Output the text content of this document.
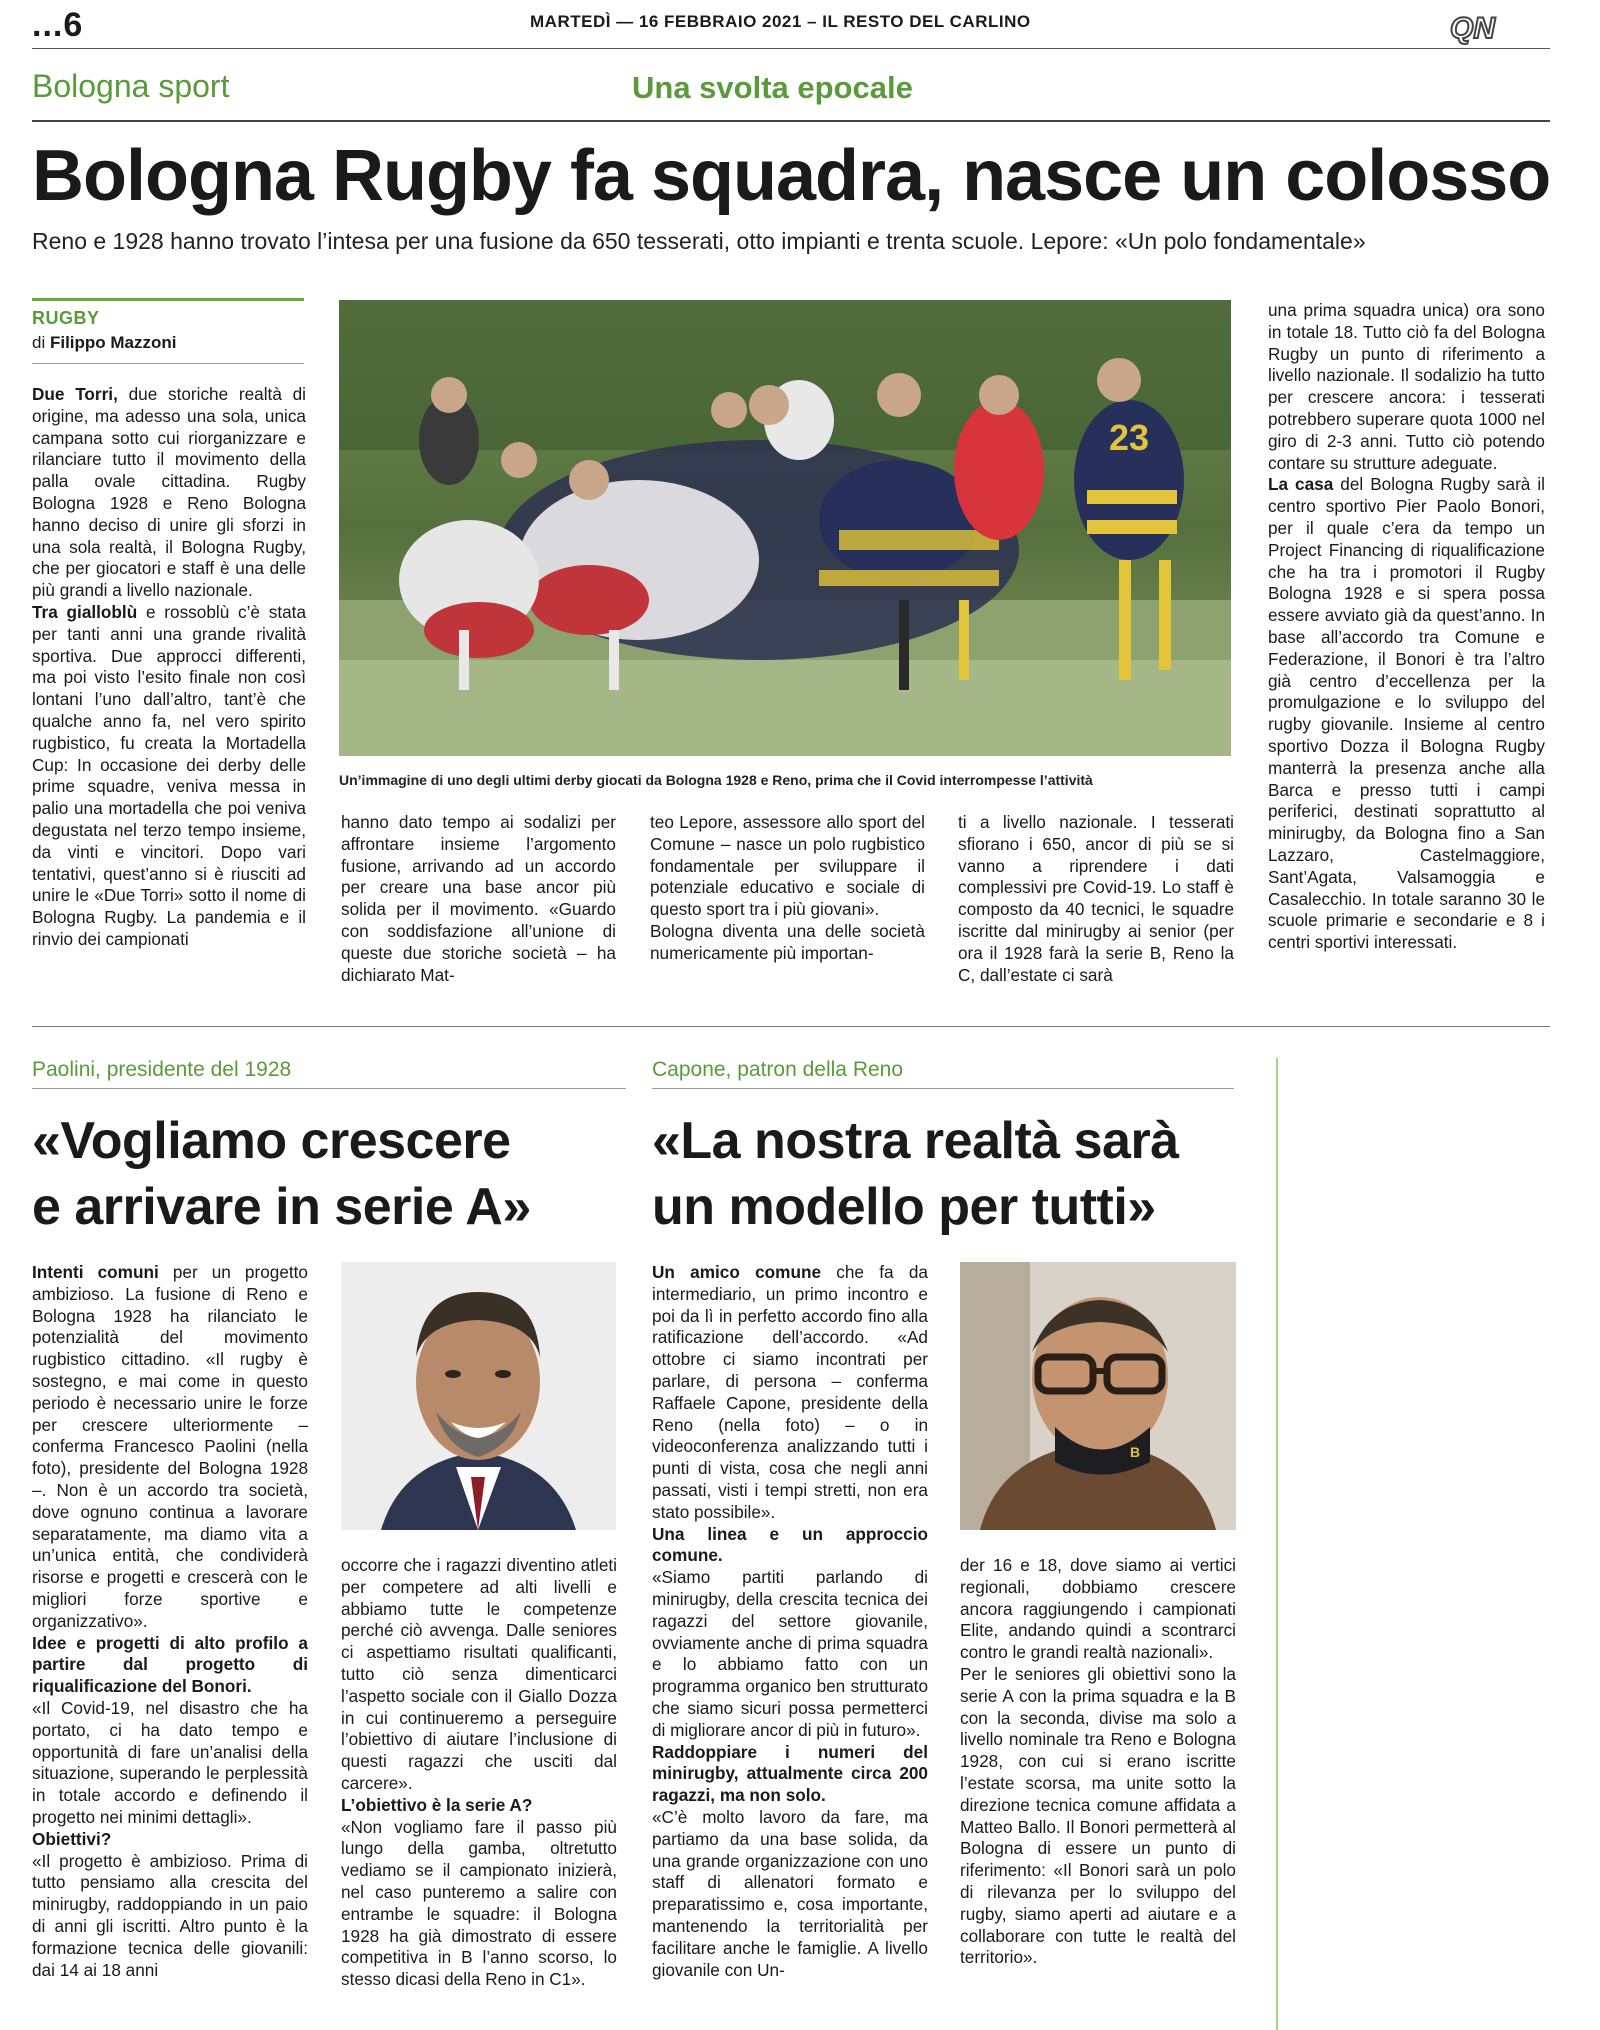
...6	MARTEDÌ — 16 FEBBRAIO 2021 – IL RESTO DEL CARLINO	QN
Bologna sport	Una svolta epocale
Bologna Rugby fa squadra, nasce un colosso
Reno e 1928 hanno trovato l’intesa per una fusione da 650 tesserati, otto impianti e trenta scuole. Lepore: «Un polo fondamentale»
RUGBY
di Filippo Mazzoni

Due Torri, due storiche realtà di origine, ma adesso una sola, unica campana sotto cui riorganizzare e rilanciare tutto il movimento della palla ovale cittadina. Rugby Bologna 1928 e Reno Bologna hanno deciso di unire gli sforzi in una sola realtà, il Bologna Rugby, che per giocatori e staff è una delle più grandi a livello nazionale.

Tra gialloblù e rossoblù c’è stata per tanti anni una grande rivalità sportiva. Due approcci differenti, ma poi visto l’esito finale non così lontani l’uno dall’altro, tant’è che qualche anno fa, nel vero spirito rugbistico, fu creata la Mortadella Cup: In occasione dei derby delle prime squadre, veniva messa in palio una mortadella che poi veniva degustata nel terzo tempo insieme, da vinti e vincitori. Dopo vari tentativi, quest’anno si è riusciti ad unire le «Due Torri» sotto il nome di Bologna Rugby. La pandemia e il rinvio dei campionati

23
Un’immagine di uno degli ultimi derby giocati da Bologna 1928 e Reno, prima che il Covid interrompesse l’attività

hanno dato tempo ai sodalizi per affrontare insieme l’argomento fusione, arrivando ad un accordo per creare una base ancor più solida per il movimento. «Guardo con soddisfazione all’unione di queste due storiche società – ha dichiarato Mat-

teo Lepore, assessore allo sport del Comune – nasce un polo rugbistico fondamentale per sviluppare il potenziale educativo e sociale di questo sport tra i più giovani».

Bologna diventa una delle società numericamente più importan-

ti a livello nazionale. I tesserati sfiorano i 650, ancor di più se si vanno a riprendere i dati complessivi pre Covid-19. Lo staff è composto da 40 tecnici, le squadre iscritte dal minirugby ai senior (per ora il 1928 farà la serie B, Reno la C, dall’estate ci sarà

una prima squadra unica) ora sono in totale 18. Tutto ciò fa del Bologna Rugby un punto di riferimento a livello nazionale. Il sodalizio ha tutto per crescere ancora: i tesserati potrebbero superare quota 1000 nel giro di 2-3 anni. Tutto ciò potendo contare su strutture adeguate.

La casa del Bologna Rugby sarà il centro sportivo Pier Paolo Bonori, per il quale c’era da tempo un Project Financing di riqualificazione che ha tra i promotori il Rugby Bologna 1928 e si spera possa essere avviato già da quest’anno. In base all’accordo tra Comune e Federazione, il Bonori è tra l’altro già centro d’eccellenza per la promulgazione e lo sviluppo del rugby giovanile. Insieme al centro sportivo Dozza il Bologna Rugby manterrà la presenza anche alla Barca e presso tutti i campi periferici, destinati soprattutto al minirugby, da Bologna fino a San Lazzaro, Castelmaggiore, Sant’Agata, Valsamoggia e Casalecchio. In totale saranno 30 le scuole primarie e secondarie e 8 i centri sportivi interessati.

Paolini, presidente del 1928
«Vogliamo crescere
e arrivare in serie A»

Intenti comuni per un progetto ambizioso. La fusione di Reno e Bologna 1928 ha rilanciato le potenzialità del movimento rugbistico cittadino. «Il rugby è sostegno, e mai come in questo periodo è necessario unire le forze per crescere ulteriormente –conferma Francesco Paolini (nella foto), presidente del Bologna 1928 –. Non è un accordo tra società, dove ognuno continua a lavorare separatamente, ma diamo vita a un’unica entità, che condividerà risorse e progetti e crescerà con le migliori forze sportive e organizzativo».

Idee e progetti di alto profilo a partire dal progetto di riqualificazione del Bonori.

«Il Covid-19, nel disastro che ha portato, ci ha dato tempo e opportunità di fare un’analisi della situazione, superando le perplessità in totale accordo e definendo il progetto nei minimi dettagli».

Obiettivi?

«Il progetto è ambizioso. Prima di tutto pensiamo alla crescita del minirugby, raddoppiando in un paio di anni gli iscritti. Altro punto è la formazione tecnica delle giovanili: dai 14 ai 18 anni

occorre che i ragazzi diventino atleti per competere ad alti livelli e abbiamo tutte le competenze perché ciò avvenga. Dalle seniores ci aspettiamo risultati qualificanti, tutto ciò senza dimenticarci l’aspetto sociale con il Giallo Dozza in cui continueremo a perseguire l’obiettivo di aiutare l’inclusione di questi ragazzi che usciti dal carcere».

L’obiettivo è la serie A?

«Non vogliamo fare il passo più lungo della gamba, oltretutto vediamo se il campionato inizierà, nel caso punteremo a salire con entrambe le squadre: il Bologna 1928 ha già dimostrato di essere competitiva in B l’anno scorso, lo stesso dicasi della Reno in C1».

Capone, patron della Reno
«La nostra realtà sarà
un modello per tutti»

Un amico comune che fa da intermediario, un primo incontro e poi da lì in perfetto accordo fino alla ratificazione dell’accordo. «Ad ottobre ci siamo incontrati per parlare, di persona – conferma Raffaele Capone, presidente della Reno (nella foto) – o in videoconferenza analizzando tutti i punti di vista, cosa che negli anni passati, visti i tempi stretti, non era stato possibile».

Una linea e un approccio comune.

«Siamo partiti parlando di minirugby, della crescita tecnica dei ragazzi del settore giovanile, ovviamente anche di prima squadra e lo abbiamo fatto con un programma organico ben strutturato che siamo sicuri possa permetterci di migliorare ancor di più in futuro».

Raddoppiare i numeri del minirugby, attualmente circa 200 ragazzi, ma non solo.

«C’è molto lavoro da fare, ma partiamo da una base solida, da una grande organizzazione con uno staff di allenatori formato e preparatissimo e, cosa importante, mantenendo la territorialità per facilitare anche le famiglie. A livello giovanile con Un-

B

der 16 e 18, dove siamo ai vertici regionali, dobbiamo crescere ancora raggiungendo i campionati Elite, andando quindi a scontrarci contro le grandi realtà nazionali».

Per le seniores gli obiettivi sono la serie A con la prima squadra e la B con la seconda, divise ma solo a livello nominale tra Reno e Bologna 1928, con cui si erano iscritte l’estate scorsa, ma unite sotto la direzione tecnica comune affidata a Matteo Ballo. Il Bonori permetterà al Bologna di essere un punto di riferimento: «Il Bonori sarà un polo di rilevanza per lo sviluppo del rugby, siamo aperti ad aiutare e a collaborare con tutte le realtà del territorio».
